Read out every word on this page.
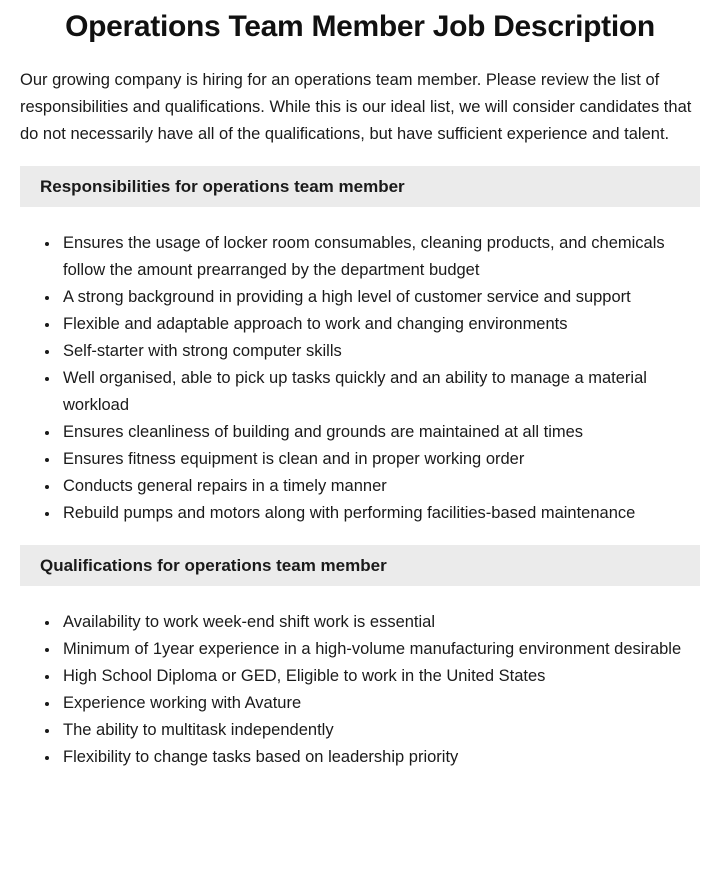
Operations Team Member Job Description

Our growing company is hiring for an operations team member. Please review the list of responsibilities and qualifications. While this is our ideal list, we will consider candidates that do not necessarily have all of the qualifications, but have sufficient experience and talent.

Responsibilities for operations team member
• Ensures the usage of locker room consumables, cleaning products, and chemicals follow the amount prearranged by the department budget
• A strong background in providing a high level of customer service and support
• Flexible and adaptable approach to work and changing environments
• Self-starter with strong computer skills
• Well organised, able to pick up tasks quickly and an ability to manage a material workload
• Ensures cleanliness of building and grounds are maintained at all times
• Ensures fitness equipment is clean and in proper working order
• Conducts general repairs in a timely manner
• Rebuild pumps and motors along with performing facilities-based maintenance
Qualifications for operations team member
• Availability to work week-end shift work is essential
• Minimum of 1year experience in a high-volume manufacturing environment desirable
• High School Diploma or GED, Eligible to work in the United States
• Experience working with Avature
• The ability to multitask independently
• Flexibility to change tasks based on leadership priority
